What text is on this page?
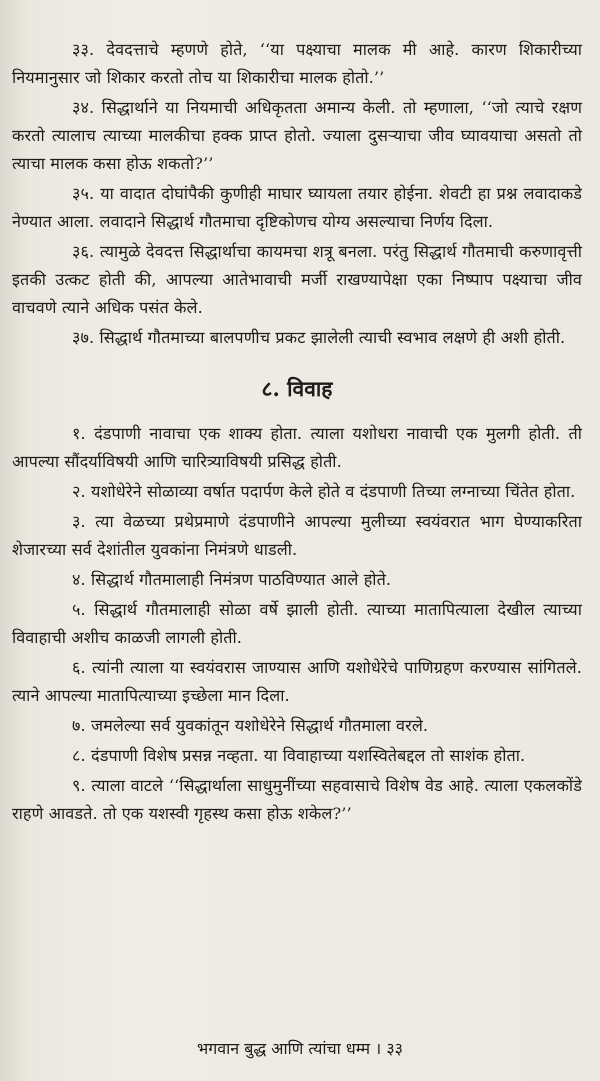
३३. देवदत्ताचे म्हणणे होते, ‘‘या पक्ष्याचा मालक मी आहे. कारण शिकारीच्या नियमानुसार जो शिकार करतो तोच या शिकारीचा मालक होतो.’’

३४. सिद्धार्थाने या नियमाची अधिकृतता अमान्य केली. तो म्हणाला, ‘‘जो त्याचे रक्षण करतो त्यालाच त्याच्या मालकीचा हक्क प्राप्त होतो. ज्याला दुसऱ्याचा जीव घ्यावयाचा असतो तो त्याचा मालक कसा होऊ शकतो?’’

३५. या वादात दोघांपैकी कुणीही माघार घ्यायला तयार होईना. शेवटी हा प्रश्न लवादाकडे नेण्यात आला. लवादाने सिद्धार्थ गौतमाचा दृष्टिकोणच योग्य असल्याचा निर्णय दिला.

३६. त्यामुळे देवदत्त सिद्धार्थाचा कायमचा शत्रू बनला. परंतु सिद्धार्थ गौतमाची करुणावृत्ती इतकी उत्कट होती की, आपल्या आतेभावाची मर्जी राखण्यापेक्षा एका निष्पाप पक्ष्याचा जीव वाचवणे त्याने अधिक पसंत केले.

३७. सिद्धार्थ गौतमाच्या बालपणीच प्रकट झालेली त्याची स्वभाव लक्षणे ही अशी होती.

८. विवाह

१. दंडपाणी नावाचा एक शाक्य होता. त्याला यशोधरा नावाची एक मुलगी होती. ती आपल्या सौंदर्याविषयी आणि चारित्र्याविषयी प्रसिद्ध होती.

२. यशोधेरेने सोळाव्या वर्षात पदार्पण केले होते व दंडपाणी तिच्या लग्नाच्या चिंतेत होता.

३. त्या वेळच्या प्रथेप्रमाणे दंडपाणीने आपल्या मुलीच्या स्वयंवरात भाग घेण्याकरिता शेजारच्या सर्व देशांतील युवकांना निमंत्रणे धाडली.

४. सिद्धार्थ गौतमालाही निमंत्रण पाठविण्यात आले होते.

५. सिद्धार्थ गौतमालाही सोळा वर्षे झाली होती. त्याच्या मातापित्याला देखील त्याच्या विवाहाची अशीच काळजी लागली होती.

६. त्यांनी त्याला या स्वयंवरास जाण्यास आणि यशोधेरेचे पाणिग्रहण करण्यास सांगितले. त्याने आपल्या मातापित्याच्या इच्छेला मान दिला.

७. जमलेल्या सर्व युवकांतून यशोधेरेने सिद्धार्थ गौतमाला वरले.

८. दंडपाणी विशेष प्रसन्न नव्हता. या विवाहाच्या यशस्वितेबद्दल तो साशंक होता.

९. त्याला वाटले ‘‘सिद्धार्थाला साधुमुनींच्या सहवासाचे विशेष वेड आहे. त्याला एकलकोंडे राहणे आवडते. तो एक यशस्वी गृहस्थ कसा होऊ शकेल?’’

भगवान बुद्ध आणि त्यांचा धम्म । ३३
